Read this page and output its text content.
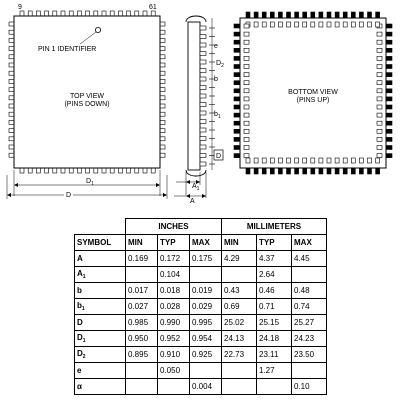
9	61
PIN 1 IDENTIFIER
TOP VIEW
(PINS DOWN)
$D_1$
D
e
$D_2$
b
$b_1$
D
$A_1$
A
BOTTOM VIEW
(PINS UP)
	INCHES			MILLIMETERS		
SYMBOL	MIN	TYP	MAX	MIN	TYP	MAX
A	0.169	0.172	0.175	4.29	4.37	4.45
$A_1$		0.104			2.64	
b	0.017	0.018	0.019	0.43	0.46	0.48
$b_1$	0.027	0.028	0.029	0.69	0.71	0.74
D	0.985	0.990	0.995	25.02	25.15	25.27
$D_1$	0.950	0.952	0.954	24.13	24.18	24.23
$D_2$	0.895	0.910	0.925	22.73	23.11	23.50
e		0.050			1.27	
α			0.004			0.10
